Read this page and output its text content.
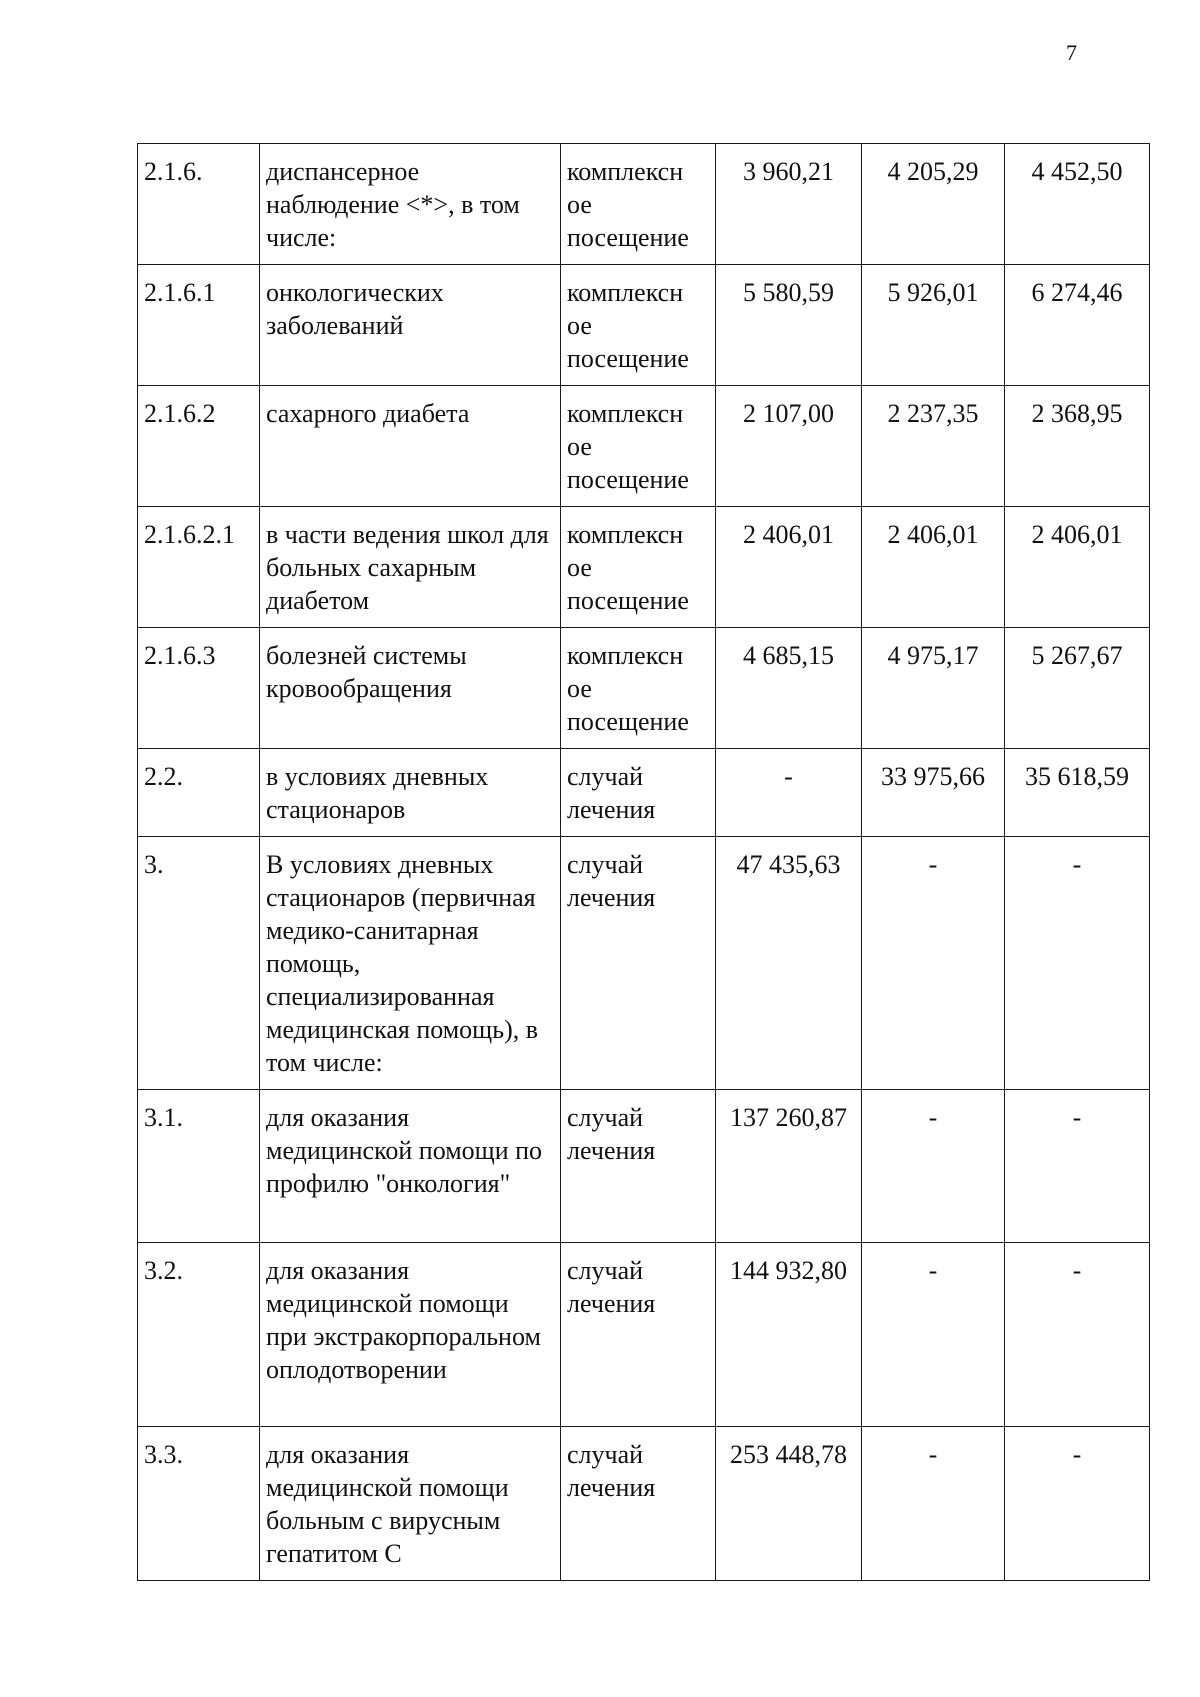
7
2.1.6.	диспансерное наблюдение <*>, в том числе:	комплексн ое посещение	3 960,21	4 205,29	4 452,50
2.1.6.1	онкологических заболеваний	комплексн ое посещение	5 580,59	5 926,01	6 274,46
2.1.6.2	сахарного диабета	комплексн ое посещение	2 107,00	2 237,35	2 368,95
2.1.6.2.1	в части ведения школ для больных сахарным диабетом	комплексн ое посещение	2 406,01	2 406,01	2 406,01
2.1.6.3	болезней системы кровообращения	комплексн ое посещение	4 685,15	4 975,17	5 267,67
2.2.	в условиях дневных стационаров	случай лечения	-	33 975,66	35 618,59
3.	В условиях дневных стационаров (первичная медико-санитарная помощь, специализированная медицинская помощь), в том числе:	случай лечения	47 435,63	-	-
3.1.	для оказания медицинской помощи по профилю "онкология"	случай лечения	137 260,87	-	-
3.2.	для оказания медицинской помощи при экстракорпоральном оплодотворении	случай лечения	144 932,80	-	-
3.3.	для оказания медицинской помощи больным с вирусным гепатитом С	случай лечения	253 448,78	-	-
